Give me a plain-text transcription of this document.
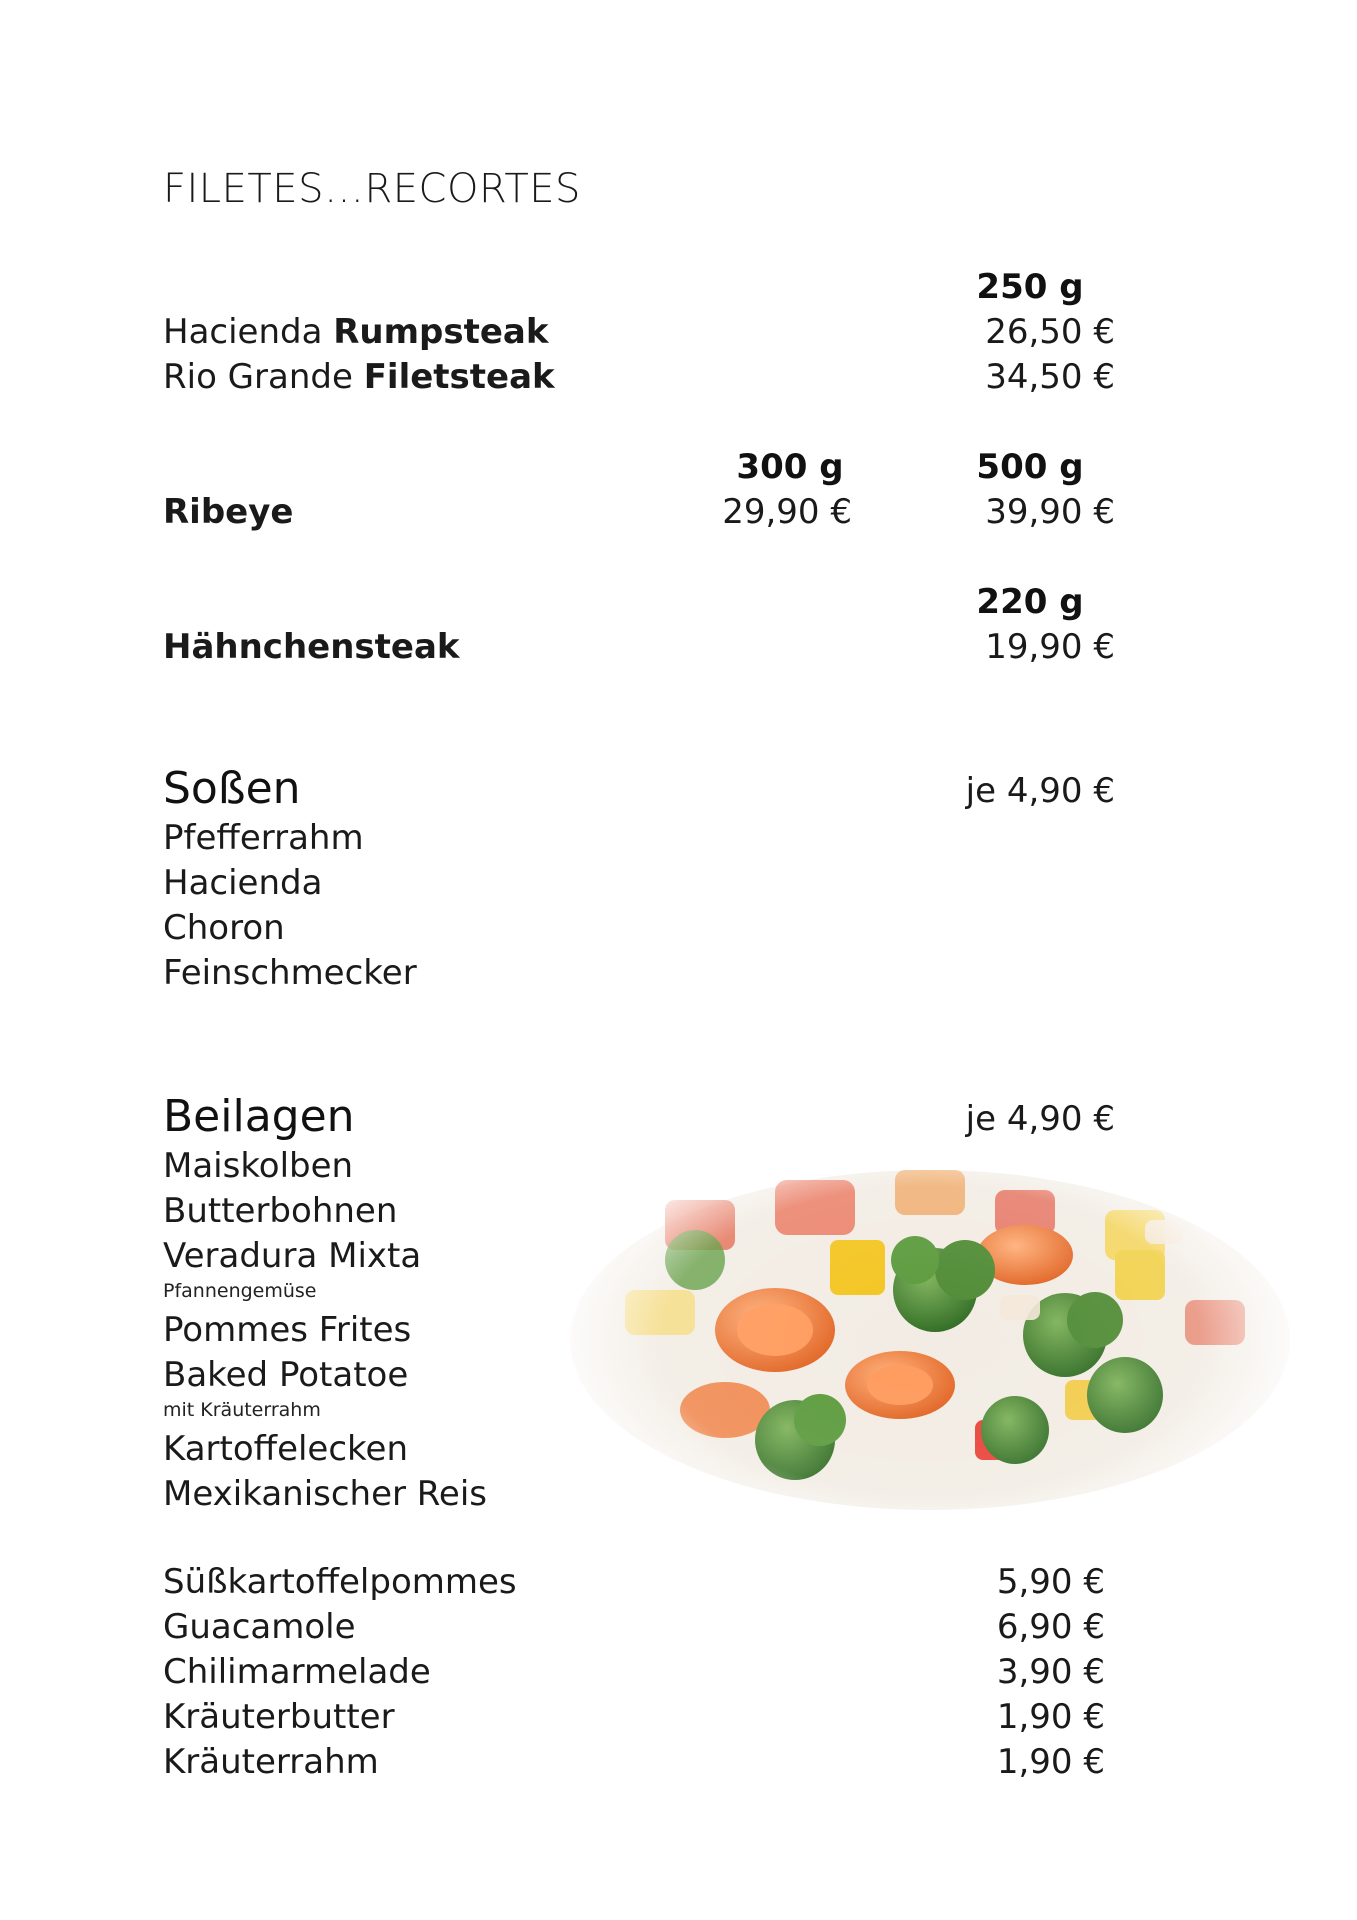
FILETES…RECORTES
250 g
Hacienda Rumpsteak	26,50 €
Rio Grande Filetsteak	34,50 €
300 g	500 g
Ribeye	29,90 €	39,90 €
220 g
Hähnchensteak	19,90 €
Soßen	je 4,90 €
Pfefferrahm
Hacienda
Choron
Feinschmecker
Beilagen	je 4,90 €
Maiskolben
Butterbohnen
Veradura Mixta
Pfannengemüse
Pommes Frites
Baked Potatoe
mit Kräuterrahm
Kartoffelecken
Mexikanischer Reis
Süßkartoffelpommes	5,90 €
Guacamole	6,90 €
Chilimarmelade	3,90 €
Kräuterbutter	1,90 €
Kräuterrahm	1,90 €
